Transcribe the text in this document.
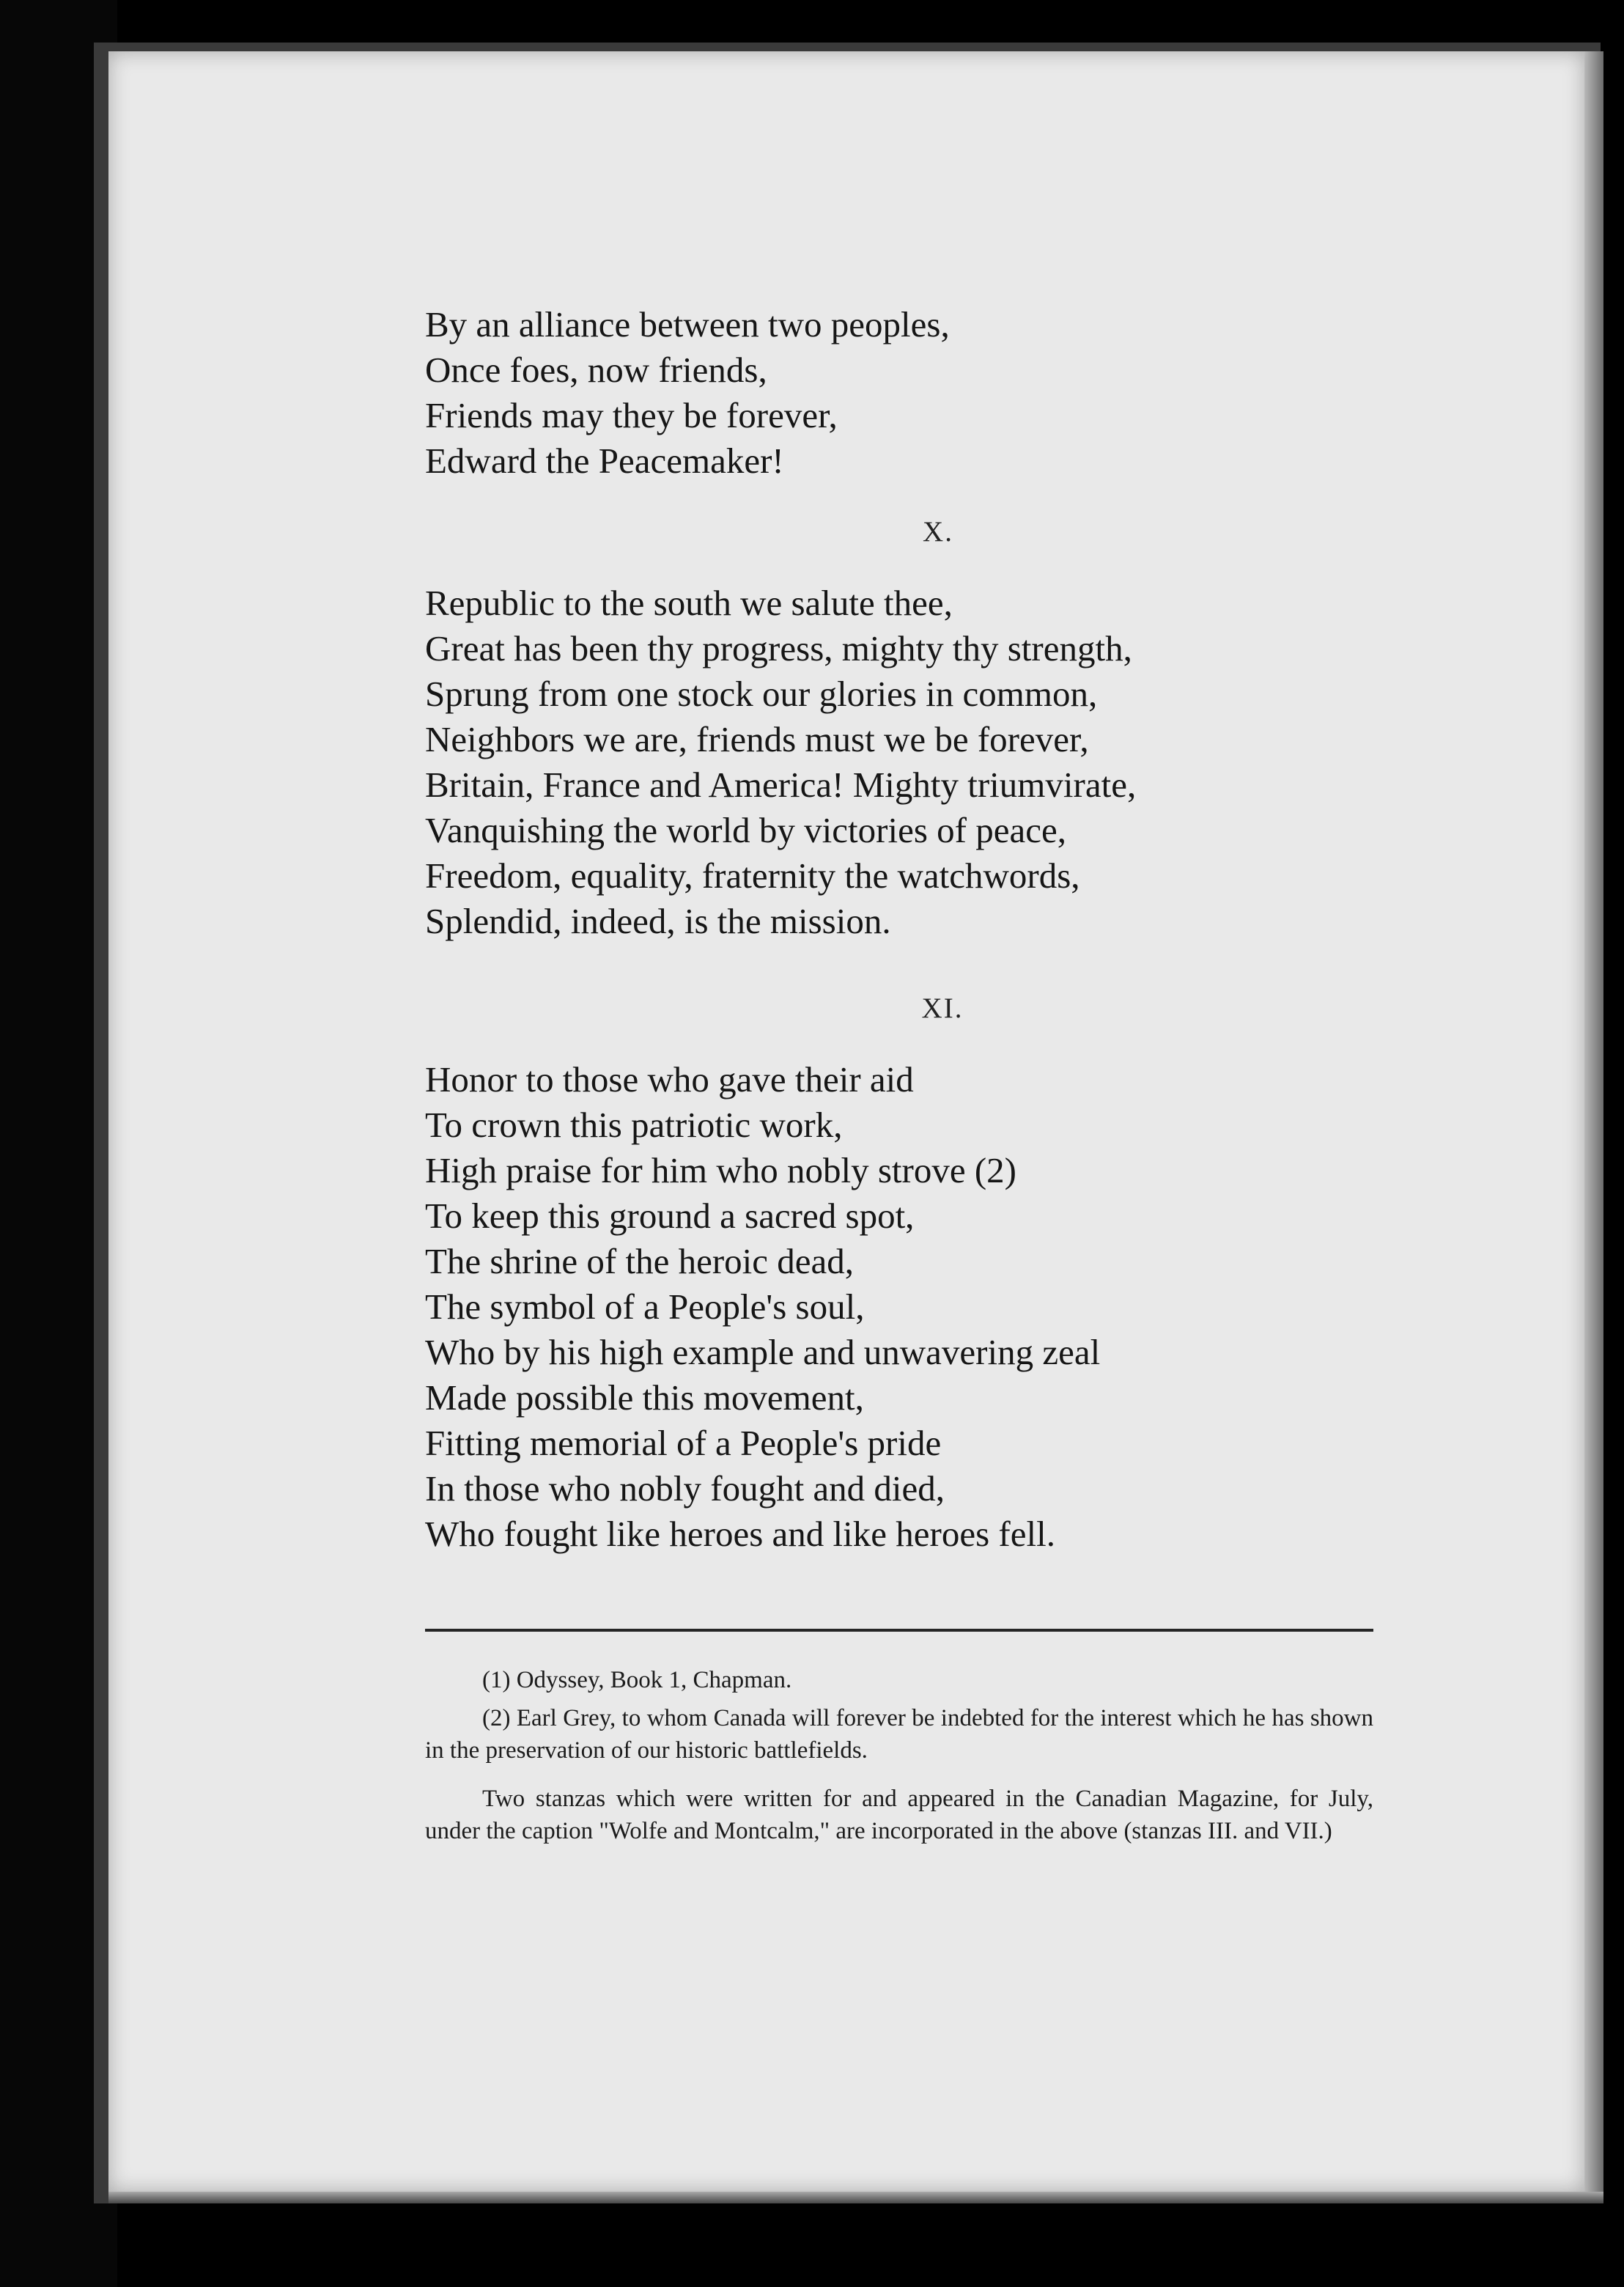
By an alliance between two peoples,
Once foes, now friends,
Friends may they be forever,
Edward the Peacemaker!
X.
Republic to the south we salute thee,
Great has been thy progress, mighty thy strength,
Sprung from one stock our glories in common,
Neighbors we are, friends must we be forever,
Britain, France and America! Mighty triumvirate,
Vanquishing the world by victories of peace,
Freedom, equality, fraternity the watchwords,
Splendid, indeed, is the mission.
XI.
Honor to those who gave their aid
To crown this patriotic work,
High praise for him who nobly strove (2)
To keep this ground a sacred spot,
The shrine of the heroic dead,
The symbol of a People's soul,
Who by his high example and unwavering zeal
Made possible this movement,
Fitting memorial of a People's pride
In those who nobly fought and died,
Who fought like heroes and like heroes fell.

(1) Odyssey, Book 1, Chapman.

(2) Earl Grey, to whom Canada will forever be indebted for the interest which he has shown in the preservation of our historic battlefields.

Two stanzas which were written for and appeared in the Canadian Magazine, for July, under the caption "Wolfe and Montcalm," are incorporated in the above (stanzas III. and VII.)
